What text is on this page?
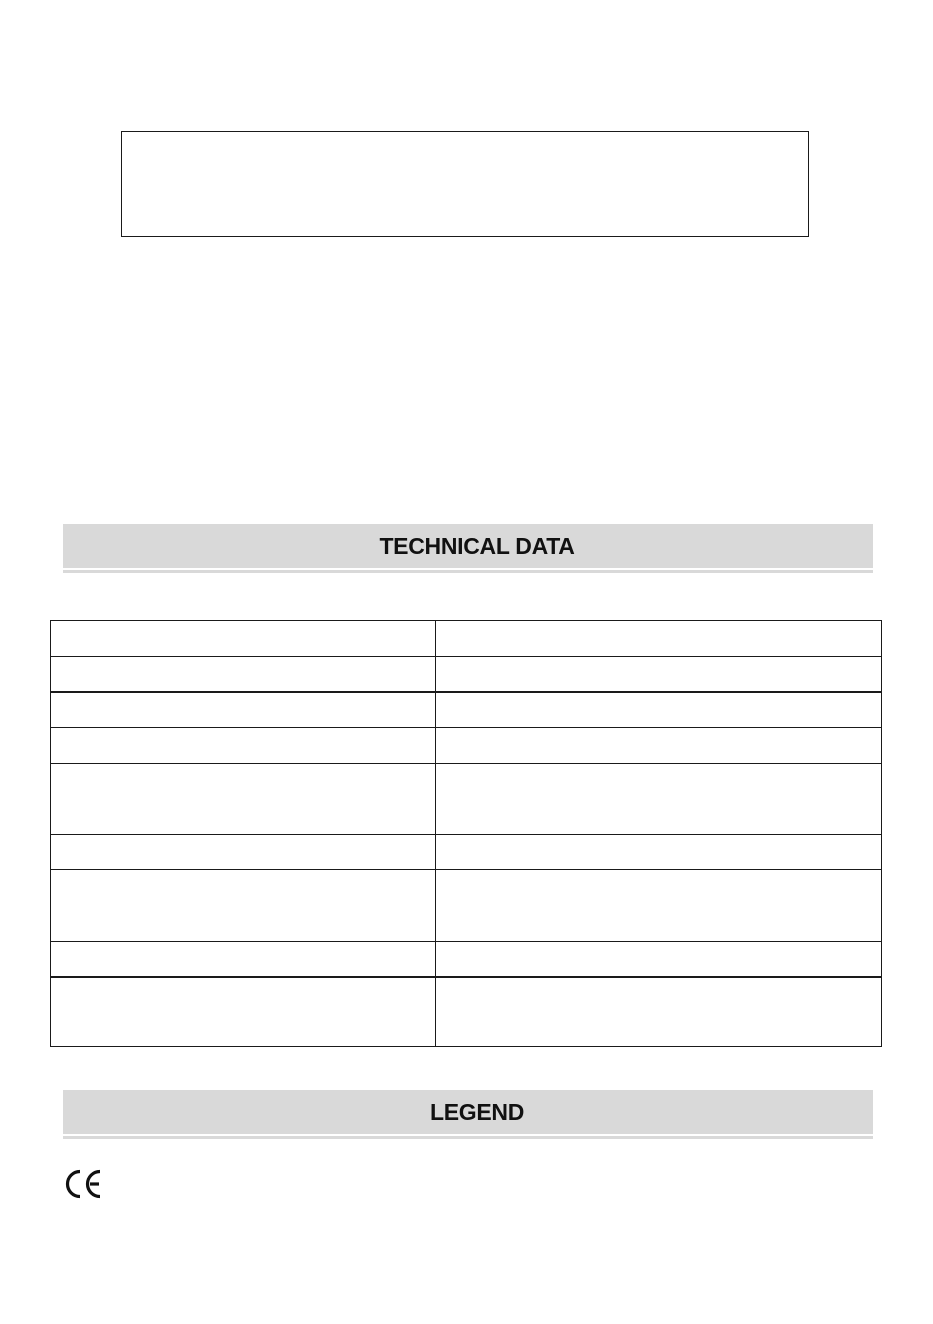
TECHNICAL DATA

LEGEND
